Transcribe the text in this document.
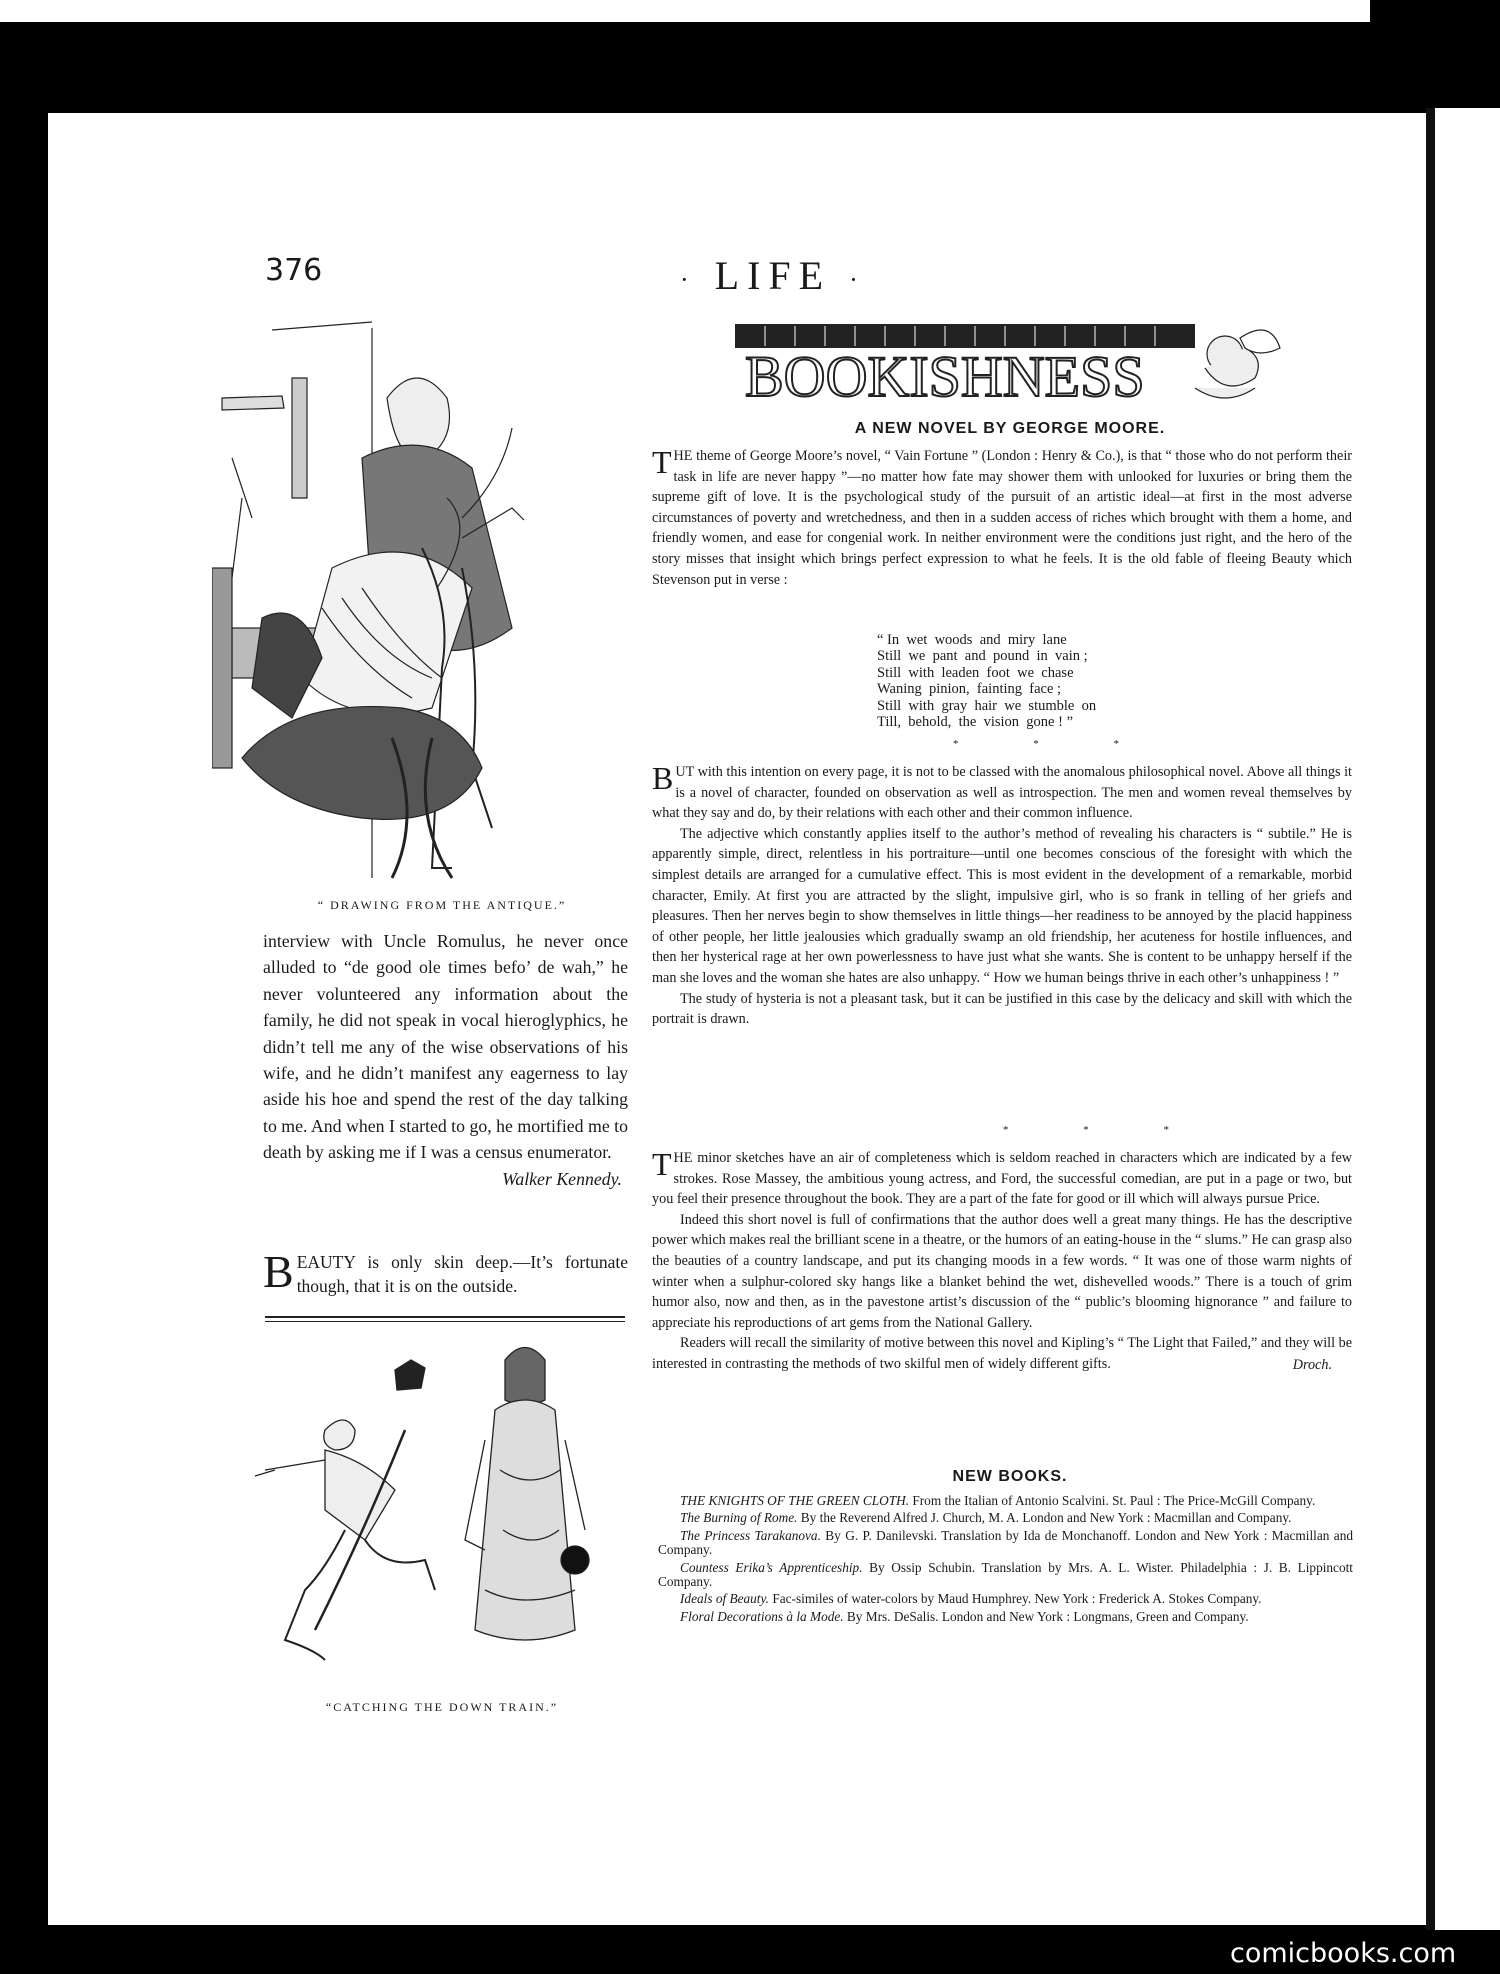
376	· LIFE ·
“ DRAWING FROM THE ANTIQUE.”

interview with Uncle Romulus, he never once alluded to “de good ole times befo’ de wah,” he never volunteered any information about the family, he did not speak in vocal hieroglyphics, he didn’t tell me any of the wise observations of his wife, and he didn’t manifest any eagerness to lay aside his hoe and spend the rest of the day talking to me. And when I started to go, he mortified me to death by asking me if I was a census enumerator.

Walker Kennedy.

BEAUTY is only skin deep.—It’s fortunate though, that it is on the outside.
“CATCHING THE DOWN TRAIN.”
BOOKISHNESS
A NEW NOVEL BY GEORGE MOORE.

THE theme of George Moore’s novel, “ Vain Fortune ” (London : Henry & Co.), is that “ those who do not perform their task in life are never happy ”—no matter how fate may shower them with unlooked for luxuries or bring them the supreme gift of love. It is the psychological study of the pursuit of an artistic ideal—at first in the most adverse circumstances of poverty and wretchedness, and then in a sudden access of riches which brought with them a home, and friendly women, and ease for congenial work. In neither environment were the conditions just right, and the hero of the story misses that insight which brings perfect expression to what he feels. It is the old fable of fleeing Beauty which Stevenson put in verse :

“ In  wet  woods  and  miry  lane
Still  we  pant  and  pound  in  vain ;
Still  with  leaden  foot  we  chase
Waning  pinion,  fainting  face ;
Still  with  gray  hair  we  stumble  on
Till,  behold,  the  vision  gone ! ”
* * *

BUT with this intention on every page, it is not to be classed with the anomalous philosophical novel. Above all things it is a novel of character, founded on observation as well as introspection. The men and women reveal themselves by what they say and do, by their relations with each other and their common influence.

The adjective which constantly applies itself to the author’s method of revealing his characters is “ subtile.” He is apparently simple, direct, relentless in his portraiture—until one becomes conscious of the foresight with which the simplest details are arranged for a cumulative effect. This is most evident in the development of a remarkable, morbid character, Emily. At first you are attracted by the slight, impulsive girl, who is so frank in telling of her griefs and pleasures. Then her nerves begin to show themselves in little things—her readiness to be annoyed by the placid happiness of other people, her little jealousies which gradually swamp an old friendship, her acuteness for hostile influences, and then her hysterical rage at her own powerlessness to have just what she wants. She is content to be unhappy herself if the man she loves and the woman she hates are also unhappy. “ How we human beings thrive in each other’s unhappiness ! ”

The study of hysteria is not a pleasant task, but it can be justified in this case by the delicacy and skill with which the portrait is drawn.

* * *

THE minor sketches have an air of completeness which is seldom reached in characters which are indicated by a few strokes. Rose Massey, the ambitious young actress, and Ford, the successful comedian, are put in a page or two, but you feel their presence throughout the book. They are a part of the fate for good or ill which will always pursue Price.

Indeed this short novel is full of confirmations that the author does well a great many things. He has the descriptive power which makes real the brilliant scene in a theatre, or the humors of an eating-house in the “ slums.” He can grasp also the beauties of a country landscape, and put its changing moods in a few words. “ It was one of those warm nights of winter when a sulphur-colored sky hangs like a blanket behind the wet, dishevelled woods.” There is a touch of grim humor also, now and then, as in the pavestone artist’s discussion of the “ public’s blooming hignorance ” and failure to appreciate his reproductions of art gems from the National Gallery.

Readers will recall the similarity of motive between this novel and Kipling’s “ The Light that Failed,” and they will be interested in contrasting the methods of two skilful men of widely different gifts.	Droch.

NEW BOOKS.

THE KNIGHTS OF THE GREEN CLOTH. From the Italian of Antonio Scalvini. St. Paul : The Price-McGill Company.

The Burning of Rome. By the Reverend Alfred J. Church, M. A. London and New York : Macmillan and Company.

The Princess Tarakanova. By G. P. Danilevski. Translation by Ida de Monchanoff. London and New York : Macmillan and Company.

Countess Erika’s Apprenticeship. By Ossip Schubin. Translation by Mrs. A. L. Wister. Philadelphia : J. B. Lippincott Company.

Ideals of Beauty. Fac-similes of water-colors by Maud Humphrey. New York : Frederick A. Stokes Company.

Floral Decorations à la Mode. By Mrs. DeSalis. London and New York : Longmans, Green and Company.

comicbooks.com
